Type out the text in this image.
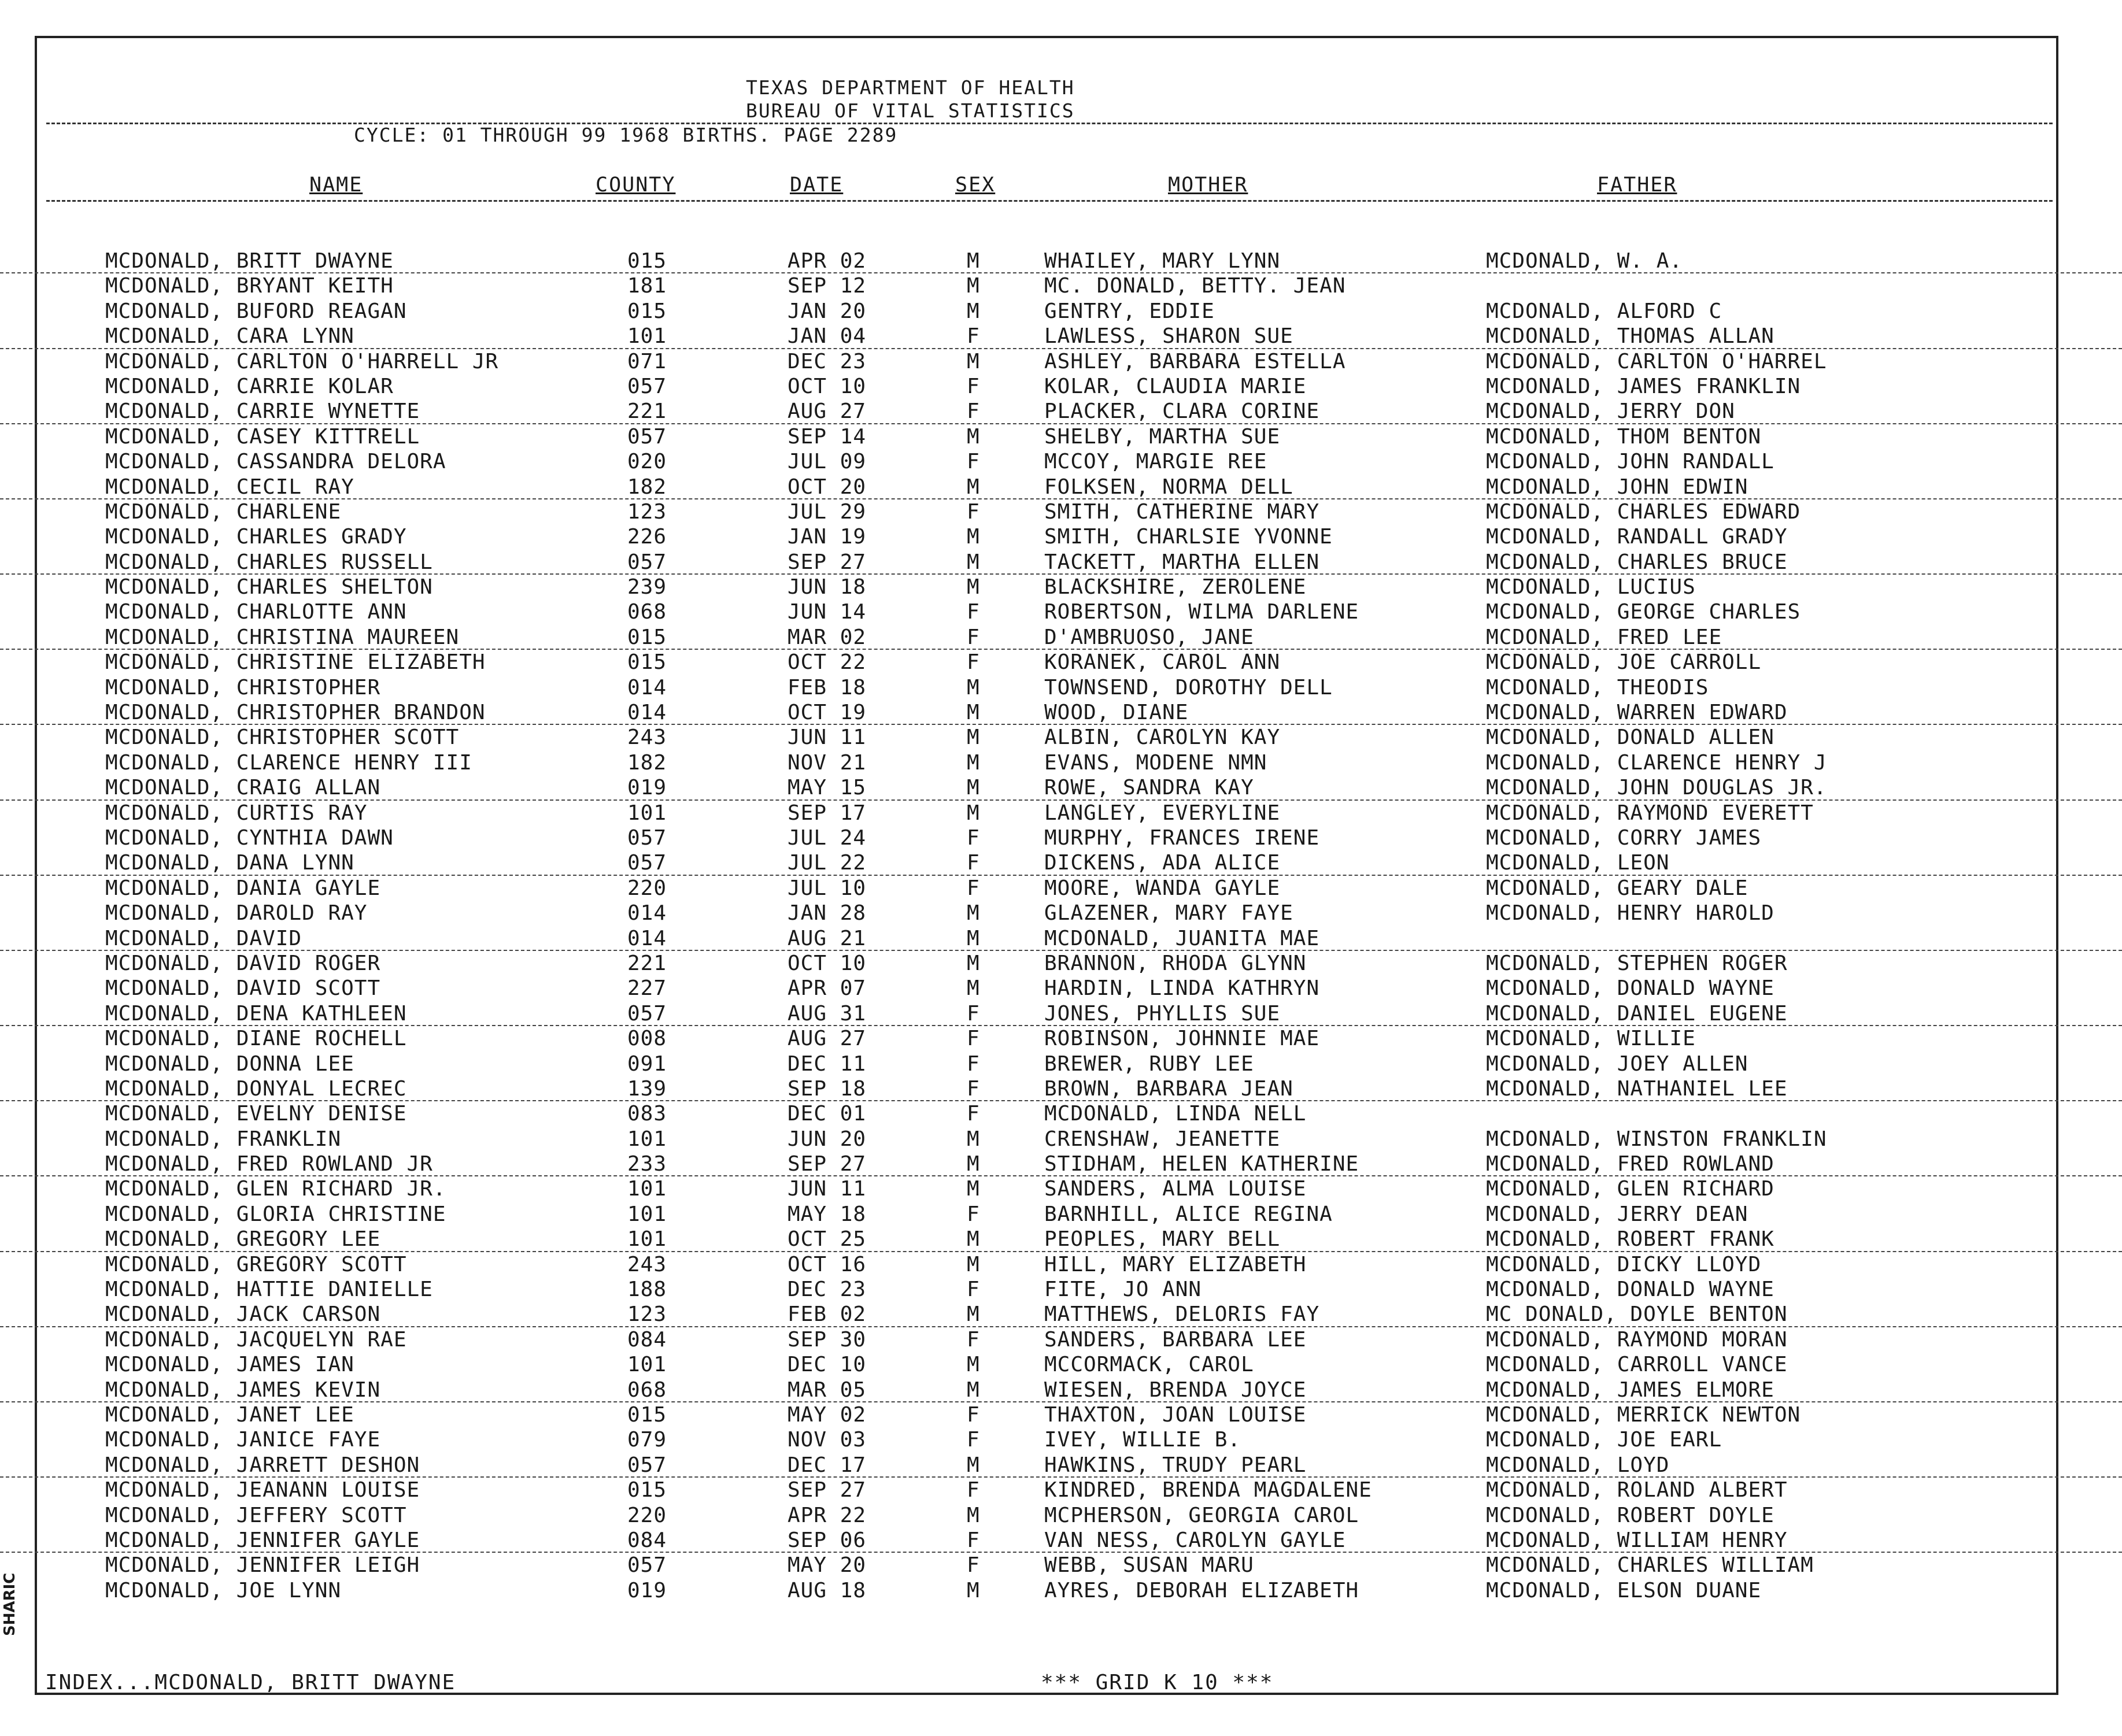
TEXAS DEPARTMENT OF HEALTH
BUREAU OF VITAL STATISTICS
CYCLE: 01 THROUGH 99 1968 BIRTHS. PAGE 2289
NAME	COUNTY	DATE	SEX	MOTHER	FATHER
MCDONALD, BRITT DWAYNE	015	APR 02	M	WHAILEY, MARY LYNN	MCDONALD, W. A.
MCDONALD, BRYANT KEITH	181	SEP 12	M	MC. DONALD, BETTY. JEAN
MCDONALD, BUFORD REAGAN	015	JAN 20	M	GENTRY, EDDIE	MCDONALD, ALFORD C
MCDONALD, CARA LYNN	101	JAN 04	F	LAWLESS, SHARON SUE	MCDONALD, THOMAS ALLAN
MCDONALD, CARLTON O'HARRELL JR	071	DEC 23	M	ASHLEY, BARBARA ESTELLA	MCDONALD, CARLTON O'HARREL
MCDONALD, CARRIE KOLAR	057	OCT 10	F	KOLAR, CLAUDIA MARIE	MCDONALD, JAMES FRANKLIN
MCDONALD, CARRIE WYNETTE	221	AUG 27	F	PLACKER, CLARA CORINE	MCDONALD, JERRY DON
MCDONALD, CASEY KITTRELL	057	SEP 14	M	SHELBY, MARTHA SUE	MCDONALD, THOM BENTON
MCDONALD, CASSANDRA DELORA	020	JUL 09	F	MCCOY, MARGIE REE	MCDONALD, JOHN RANDALL
MCDONALD, CECIL RAY	182	OCT 20	M	FOLKSEN, NORMA DELL	MCDONALD, JOHN EDWIN
MCDONALD, CHARLENE	123	JUL 29	F	SMITH, CATHERINE MARY	MCDONALD, CHARLES EDWARD
MCDONALD, CHARLES GRADY	226	JAN 19	M	SMITH, CHARLSIE YVONNE	MCDONALD, RANDALL GRADY
MCDONALD, CHARLES RUSSELL	057	SEP 27	M	TACKETT, MARTHA ELLEN	MCDONALD, CHARLES BRUCE
MCDONALD, CHARLES SHELTON	239	JUN 18	M	BLACKSHIRE, ZEROLENE	MCDONALD, LUCIUS
MCDONALD, CHARLOTTE ANN	068	JUN 14	F	ROBERTSON, WILMA DARLENE	MCDONALD, GEORGE CHARLES
MCDONALD, CHRISTINA MAUREEN	015	MAR 02	F	D'AMBRUOSO, JANE	MCDONALD, FRED LEE
MCDONALD, CHRISTINE ELIZABETH	015	OCT 22	F	KORANEK, CAROL ANN	MCDONALD, JOE CARROLL
MCDONALD, CHRISTOPHER	014	FEB 18	M	TOWNSEND, DOROTHY DELL	MCDONALD, THEODIS
MCDONALD, CHRISTOPHER BRANDON	014	OCT 19	M	WOOD, DIANE	MCDONALD, WARREN EDWARD
MCDONALD, CHRISTOPHER SCOTT	243	JUN 11	M	ALBIN, CAROLYN KAY	MCDONALD, DONALD ALLEN
MCDONALD, CLARENCE HENRY III	182	NOV 21	M	EVANS, MODENE NMN	MCDONALD, CLARENCE HENRY J
MCDONALD, CRAIG ALLAN	019	MAY 15	M	ROWE, SANDRA KAY	MCDONALD, JOHN DOUGLAS JR.
MCDONALD, CURTIS RAY	101	SEP 17	M	LANGLEY, EVERYLINE	MCDONALD, RAYMOND EVERETT
MCDONALD, CYNTHIA DAWN	057	JUL 24	F	MURPHY, FRANCES IRENE	MCDONALD, CORRY JAMES
MCDONALD, DANA LYNN	057	JUL 22	F	DICKENS, ADA ALICE	MCDONALD, LEON
MCDONALD, DANIA GAYLE	220	JUL 10	F	MOORE, WANDA GAYLE	MCDONALD, GEARY DALE
MCDONALD, DAROLD RAY	014	JAN 28	M	GLAZENER, MARY FAYE	MCDONALD, HENRY HAROLD
MCDONALD, DAVID	014	AUG 21	M	MCDONALD, JUANITA MAE
MCDONALD, DAVID ROGER	221	OCT 10	M	BRANNON, RHODA GLYNN	MCDONALD, STEPHEN ROGER
MCDONALD, DAVID SCOTT	227	APR 07	M	HARDIN, LINDA KATHRYN	MCDONALD, DONALD WAYNE
MCDONALD, DENA KATHLEEN	057	AUG 31	F	JONES, PHYLLIS SUE	MCDONALD, DANIEL EUGENE
MCDONALD, DIANE ROCHELL	008	AUG 27	F	ROBINSON, JOHNNIE MAE	MCDONALD, WILLIE
MCDONALD, DONNA LEE	091	DEC 11	F	BREWER, RUBY LEE	MCDONALD, JOEY ALLEN
MCDONALD, DONYAL LECREC	139	SEP 18	F	BROWN, BARBARA JEAN	MCDONALD, NATHANIEL LEE
MCDONALD, EVELNY DENISE	083	DEC 01	F	MCDONALD, LINDA NELL
MCDONALD, FRANKLIN	101	JUN 20	M	CRENSHAW, JEANETTE	MCDONALD, WINSTON FRANKLIN
MCDONALD, FRED ROWLAND JR	233	SEP 27	M	STIDHAM, HELEN KATHERINE	MCDONALD, FRED ROWLAND
MCDONALD, GLEN RICHARD JR.	101	JUN 11	M	SANDERS, ALMA LOUISE	MCDONALD, GLEN RICHARD
MCDONALD, GLORIA CHRISTINE	101	MAY 18	F	BARNHILL, ALICE REGINA	MCDONALD, JERRY DEAN
MCDONALD, GREGORY LEE	101	OCT 25	M	PEOPLES, MARY BELL	MCDONALD, ROBERT FRANK
MCDONALD, GREGORY SCOTT	243	OCT 16	M	HILL, MARY ELIZABETH	MCDONALD, DICKY LLOYD
MCDONALD, HATTIE DANIELLE	188	DEC 23	F	FITE, JO ANN	MCDONALD, DONALD WAYNE
MCDONALD, JACK CARSON	123	FEB 02	M	MATTHEWS, DELORIS FAY	MC DONALD, DOYLE BENTON
MCDONALD, JACQUELYN RAE	084	SEP 30	F	SANDERS, BARBARA LEE	MCDONALD, RAYMOND MORAN
MCDONALD, JAMES IAN	101	DEC 10	M	MCCORMACK, CAROL	MCDONALD, CARROLL VANCE
MCDONALD, JAMES KEVIN	068	MAR 05	M	WIESEN, BRENDA JOYCE	MCDONALD, JAMES ELMORE
MCDONALD, JANET LEE	015	MAY 02	F	THAXTON, JOAN LOUISE	MCDONALD, MERRICK NEWTON
MCDONALD, JANICE FAYE	079	NOV 03	F	IVEY, WILLIE B.	MCDONALD, JOE EARL
MCDONALD, JARRETT DESHON	057	DEC 17	M	HAWKINS, TRUDY PEARL	MCDONALD, LOYD
MCDONALD, JEANANN LOUISE	015	SEP 27	F	KINDRED, BRENDA MAGDALENE	MCDONALD, ROLAND ALBERT
MCDONALD, JEFFERY SCOTT	220	APR 22	M	MCPHERSON, GEORGIA CAROL	MCDONALD, ROBERT DOYLE
MCDONALD, JENNIFER GAYLE	084	SEP 06	F	VAN NESS, CAROLYN GAYLE	MCDONALD, WILLIAM HENRY
MCDONALD, JENNIFER LEIGH	057	MAY 20	F	WEBB, SUSAN MARU	MCDONALD, CHARLES WILLIAM
MCDONALD, JOE LYNN	019	AUG 18	M	AYRES, DEBORAH ELIZABETH	MCDONALD, ELSON DUANE
INDEX...MCDONALD, BRITT DWAYNE	*** GRID K 10 ***
SHARIC
